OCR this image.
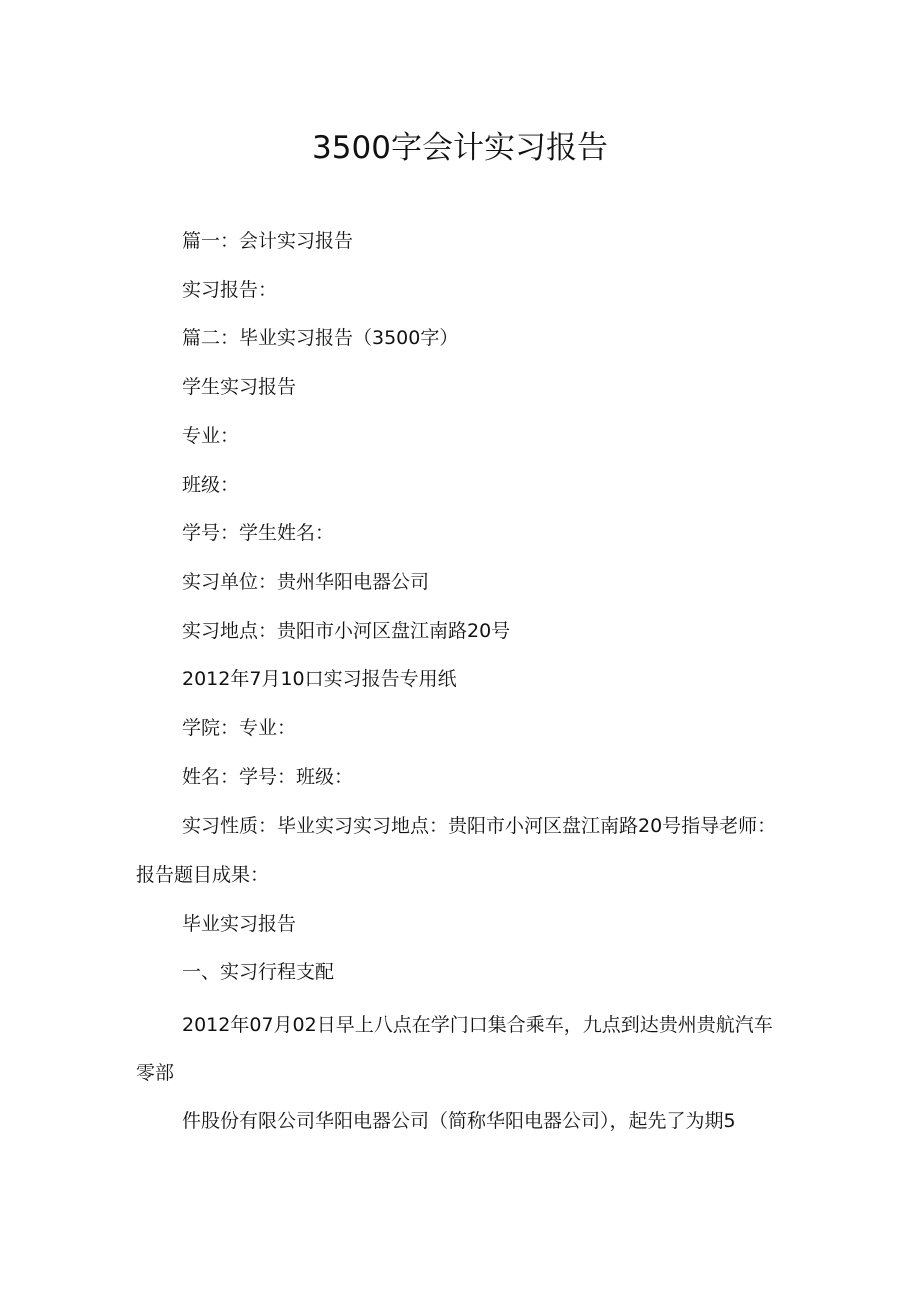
3500字会计实习报告
篇一：会计实习报告
实习报告：
篇二：毕业实习报告（3500字）
学生实习报告
专业：
班级：
学号：学生姓名：
实习单位：贵州华阳电器公司
实习地点：贵阳市小河区盘江南路20号
2012年7月10口实习报告专用纸
学院：专业：
姓名：学号：班级：
实习性质：毕业实习实习地点：贵阳市小河区盘江南路20号指导老师：
报告题目成果：
毕业实习报告
一、实习行程支配
2012年07月02日早上八点在学门口集合乘车，九点到达贵州贵航汽车
零部
件股份有限公司华阳电器公司（简称华阳电器公司），起先了为期5
